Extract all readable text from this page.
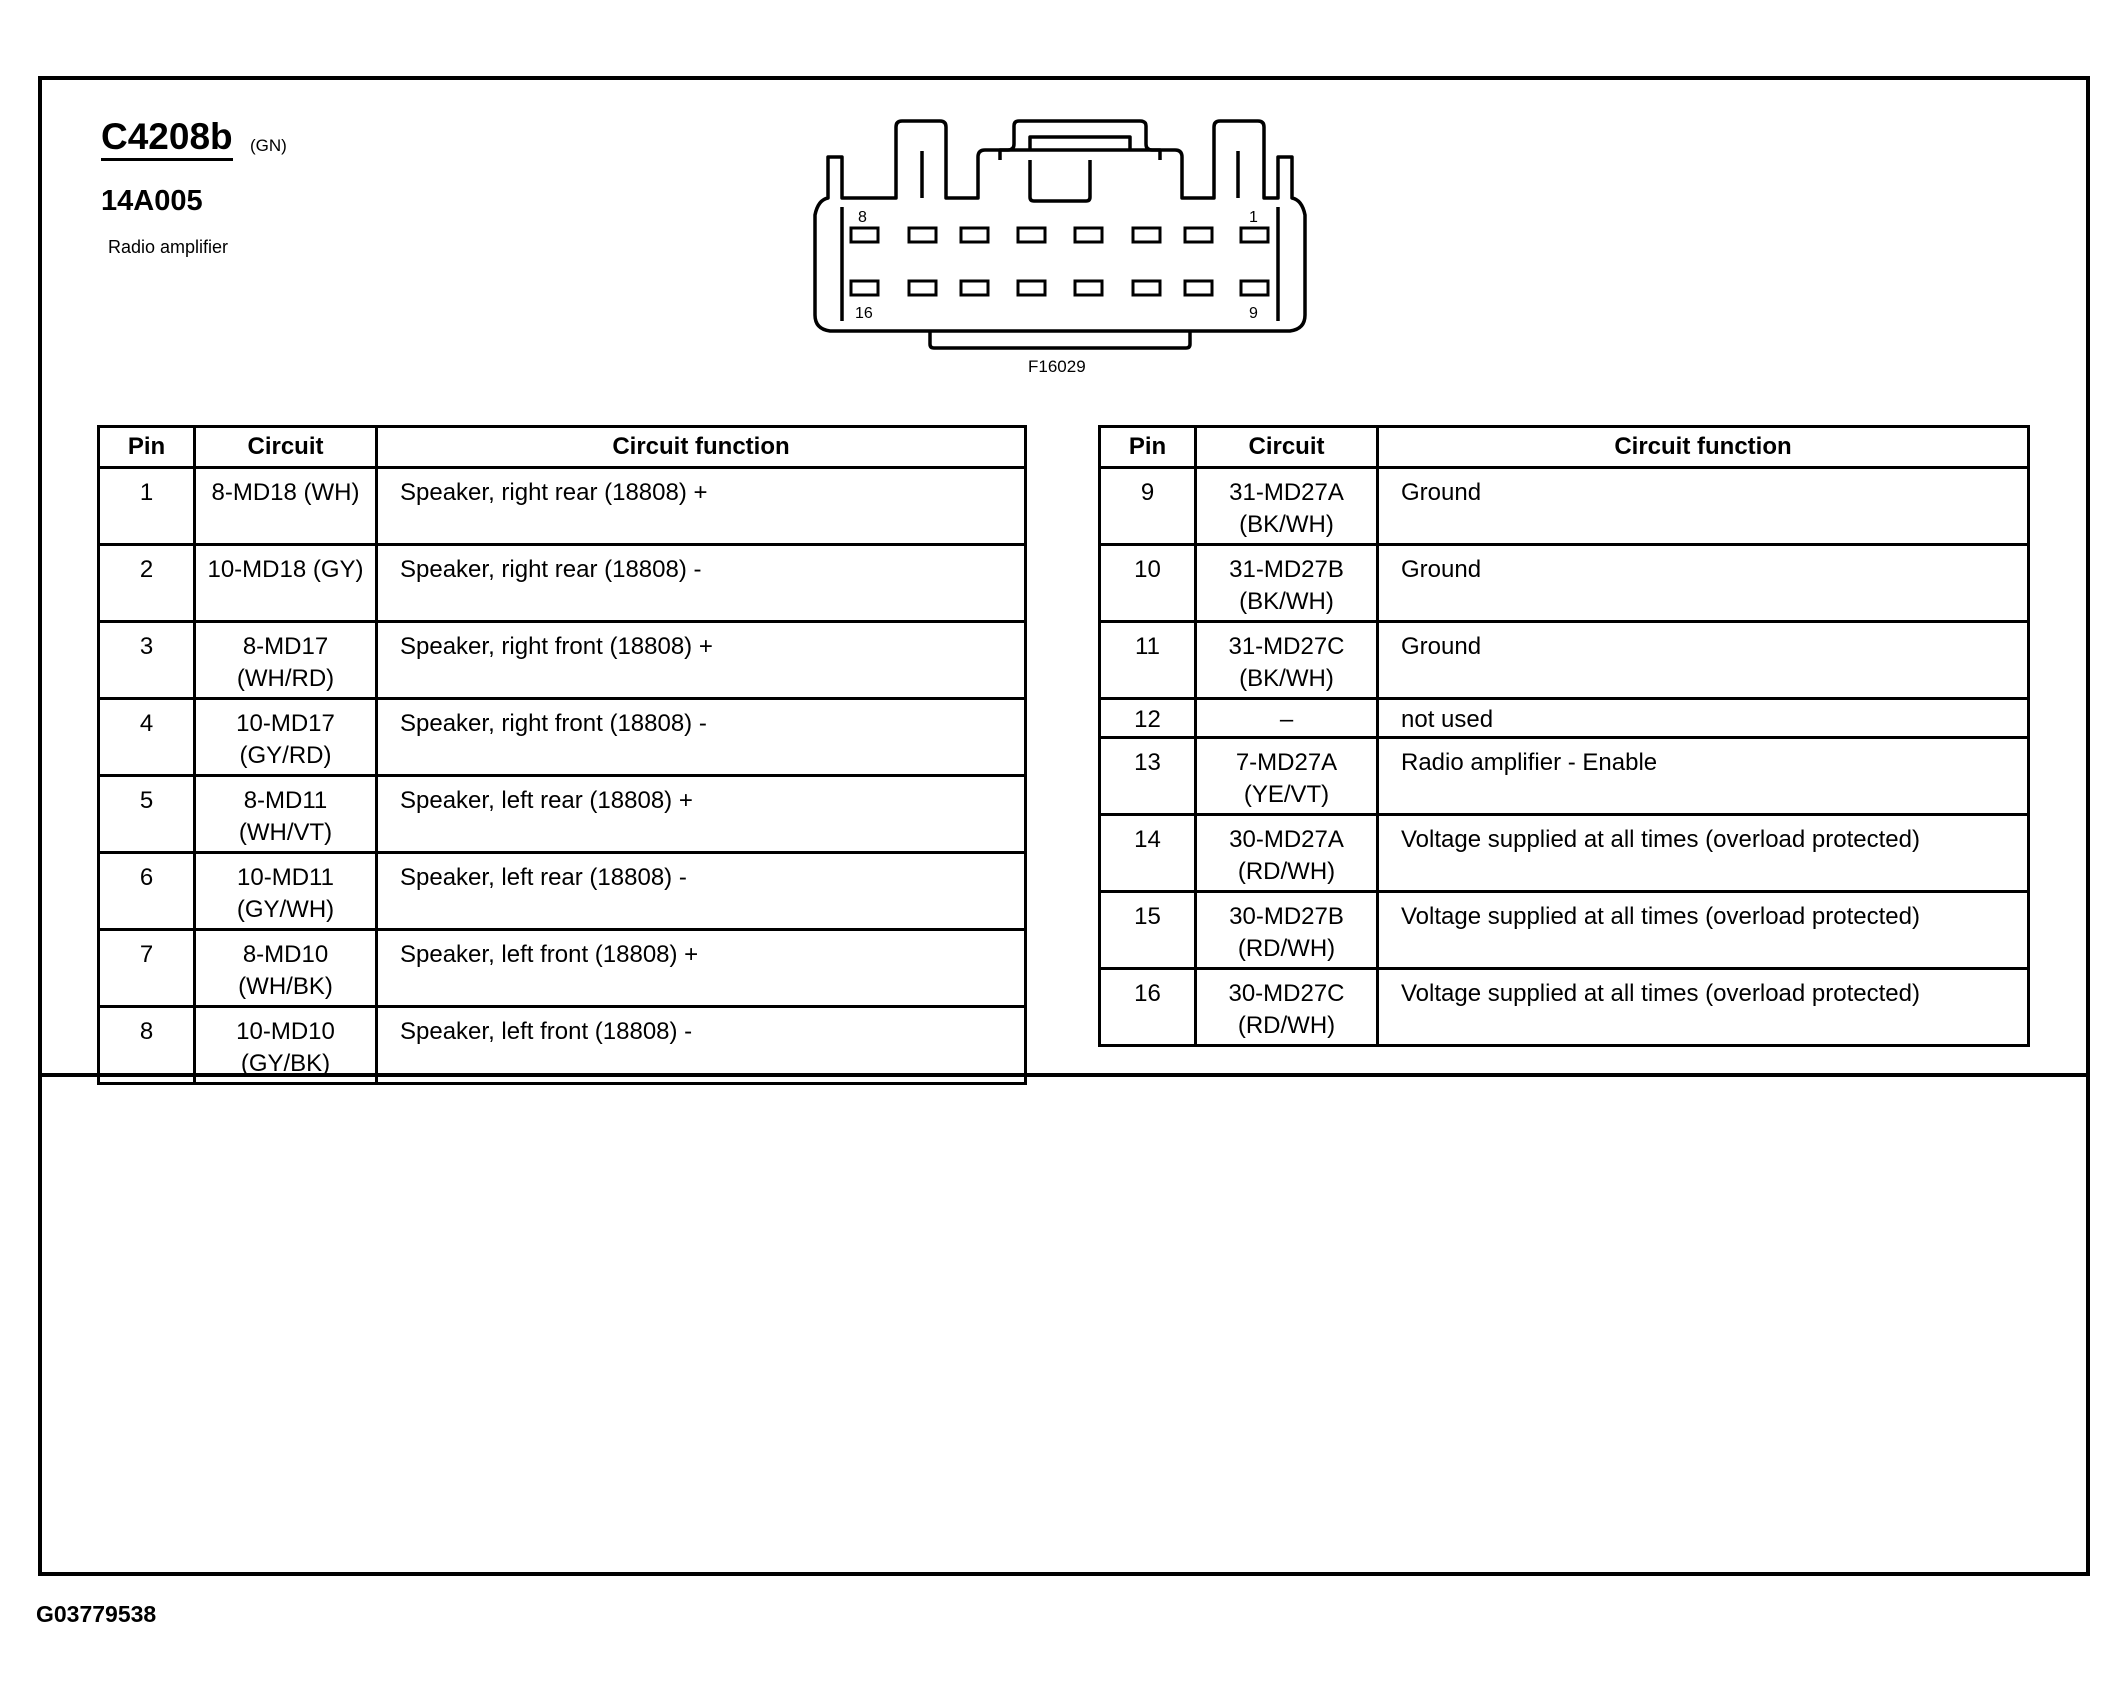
C4208b (GN)
14A005
Radio amplifier
8	1
16	9
F16029
Pin	Circuit	Circuit function
1	8-MD18 (WH)	Speaker, right rear (18808) +
2	10-MD18 (GY)	Speaker, right rear (18808) -
3	8-MD17 (WH/RD)	Speaker, right front (18808) +
4	10-MD17 (GY/RD)	Speaker, right front (18808) -
5	8-MD11 (WH/VT)	Speaker, left rear (18808) +
6	10-MD11 (GY/WH)	Speaker, left rear (18808) -
7	8-MD10 (WH/BK)	Speaker, left front (18808) +
8	10-MD10 (GY/BK)	Speaker, left front (18808) -
Pin	Circuit	Circuit function
9	31-MD27A (BK/WH)	Ground
10	31-MD27B (BK/WH)	Ground
11	31-MD27C (BK/WH)	Ground
12	–	not used
13	7-MD27A (YE/VT)	Radio amplifier - Enable
14	30-MD27A (RD/WH)	Voltage supplied at all times (overload protected)
15	30-MD27B (RD/WH)	Voltage supplied at all times (overload protected)
16	30-MD27C (RD/WH)	Voltage supplied at all times (overload protected)
G03779538
